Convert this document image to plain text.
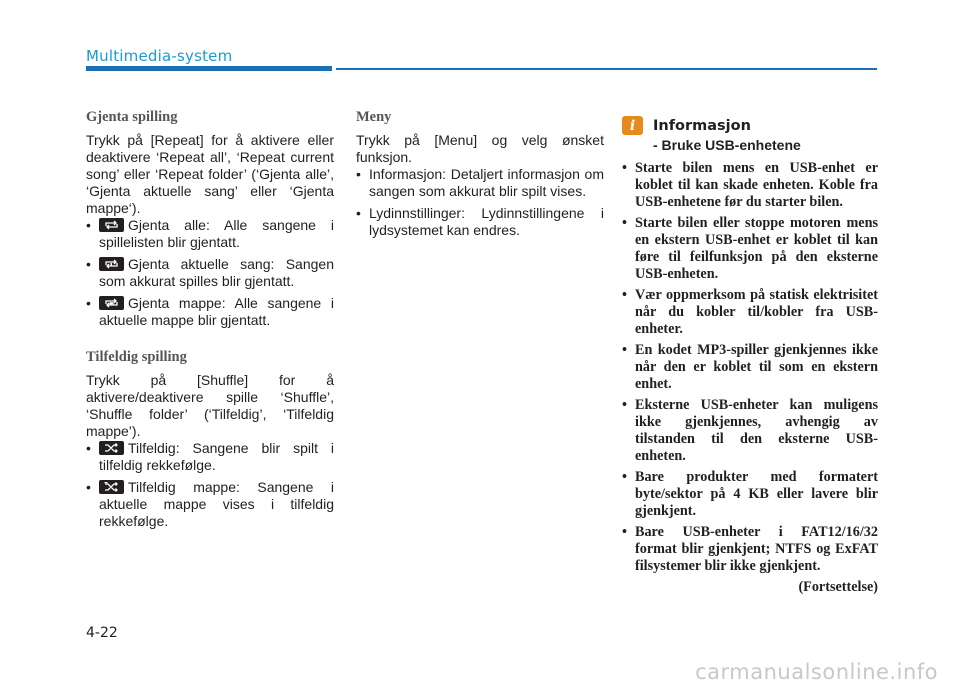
Multimedia-system
Gjenta spilling

Trykk på [Repeat] for å aktivere eller deaktivere ‘Repeat all’, ‘Repeat current song’ eller ‘Repeat folder’ (‘Gjenta alle’, ‘Gjenta aktuelle sang’ eller ‘Gjenta mappe‘).

• Gjenta alle: Alle sangene i spillelisten blir gjentatt.
• Gjenta aktuelle sang: Sangen som akkurat spilles blir gjentatt.
• Gjenta mappe: Alle sangene i aktuelle mappe blir gjentatt.
Tilfeldig spilling

Trykk på [Shuffle] for å aktivere/deaktivere spille ‘Shuffle’, ‘Shuffle folder’ (‘Tilfeldig’, ‘Tilfeldig mappe’).

• Tilfeldig: Sangene blir spilt i tilfeldig rekkefølge.
• Tilfeldig mappe: Sangene i aktuelle mappe vises i tilfeldig rekkefølge.
Meny

Trykk på [Menu] og velg ønsket funksjon.

• Informasjon: Detaljert informasjon om sangen som akkurat blir spilt vises.
• Lydinnstillinger: Lydinnstillingene i lydsystemet kan endres.
i	Informasjon
- Bruke USB-enhetene
• Starte bilen mens en USB-enhet er koblet til kan skade enheten. Koble fra USB-enhetene før du starter bilen.
• Starte bilen eller stoppe motoren mens en ekstern USB-enhet er koblet til kan føre til feilfunksjon på den eksterne USB-enheten.
• Vær oppmerksom på statisk elektrisitet når du kobler til/kobler fra USB-enheter.
• En kodet MP3-spiller gjenkjennes ikke når den er koblet til som en ekstern enhet.
• Eksterne USB-enheter kan muligens ikke gjenkjennes, avhengig av tilstanden til den eksterne USB-enheten.
• Bare produkter med formatert byte/sektor på 4 KB eller lavere blir gjenkjent.
• Bare USB-enheter i FAT12/16/32 format blir gjenkjent; NTFS og ExFAT filsystemer blir ikke gjenkjent.
(Fortsettelse)
4-22
carmanualsonline.info
